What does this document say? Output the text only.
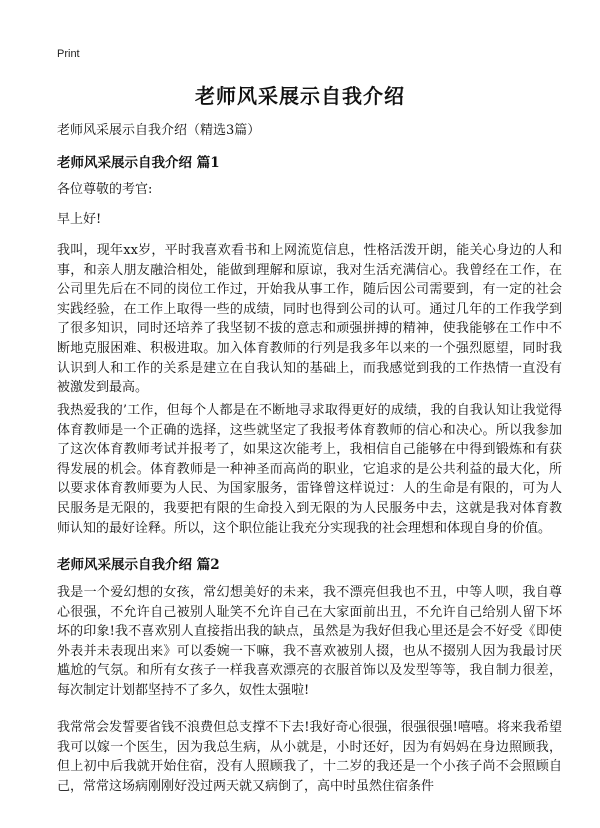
Print
老师风采展示自我介绍

老师风采展示自我介绍（精选3篇）

老师风采展示自我介绍 篇1

各位尊敬的考官:

早上好!

我叫，现年xx岁，平时我喜欢看书和上网流览信息，性格活泼开朗，能关心身边的人和事，和亲人朋友融洽相处，能做到理解和原谅，我对生活充满信心。我曾经在工作，在公司里先后在不同的岗位工作过，开始我从事工作，随后因公司需要到，有一定的社会实践经验，在工作上取得一些的成绩，同时也得到公司的认可。通过几年的工作我学到了很多知识，同时还培养了我坚韧不拔的意志和顽强拼搏的精神，使我能够在工作中不断地克服困难、积极进取。加入体育教师的行列是我多年以来的一个强烈愿望，同时我认识到人和工作的关系是建立在自我认知的基础上，而我感觉到我的工作热情一直没有被激发到最高。

我热爱我的’工作，但每个人都是在不断地寻求取得更好的成绩，我的自我认知让我觉得体育教师是一个正确的选择，这些就坚定了我报考体育教师的信心和决心。所以我参加了这次体育教师考试并报考了，如果这次能考上，我相信自己能够在中得到锻炼和有获得发展的机会。体育教师是一种神圣而高尚的职业，它追求的是公共利益的最大化，所以要求体育教师要为人民、为国家服务，雷锋曾这样说过：人的生命是有限的，可为人民服务是无限的，我要把有限的生命投入到无限的为人民服务中去，这就是我对体育教师认知的最好诠释。所以，这个职位能让我充分实现我的社会理想和体现自身的价值。

老师风采展示自我介绍 篇2

我是一个爱幻想的女孩，常幻想美好的未来，我不漂亮但我也不丑，中等人呗，我自尊心很强，不允许自己被别人耻笑不允许自己在大家面前出丑，不允许自己给别人留下坏坏的印象!我不喜欢别人直接指出我的缺点，虽然是为我好但我心里还是会不好受《即使外表并未表现出来》可以委婉一下嘛，我不喜欢被别人掇，也从不掇别人因为我最讨厌尴尬的气氛。和所有女孩子一样我喜欢漂亮的衣服首饰以及发型等等，我自制力很差，每次制定计划都坚持不了多久，奴性太强啦!

我常常会发誓要省钱不浪费但总支撑不下去!我好奇心很强，很强很强!嘻嘻。将来我希望我可以嫁一个医生，因为我总生病，从小就是，小时还好，因为有妈妈在身边照顾我，但上初中后我就开始住宿，没有人照顾我了，十二岁的我还是一个小孩子尚不会照顾自己，常常这场病刚刚好没过两天就又病倒了，高中时虽然住宿条件
